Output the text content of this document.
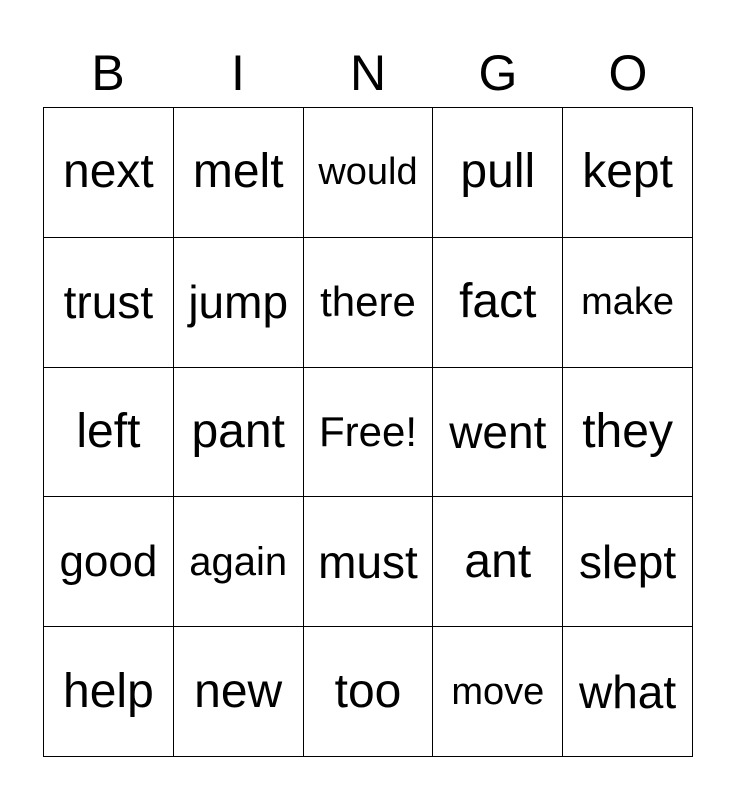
B	I	N	G	O
next melt would pull kept
trust jump there fact	make
left	pant Free! went they
good again must ant	slept
help new	too	move what
